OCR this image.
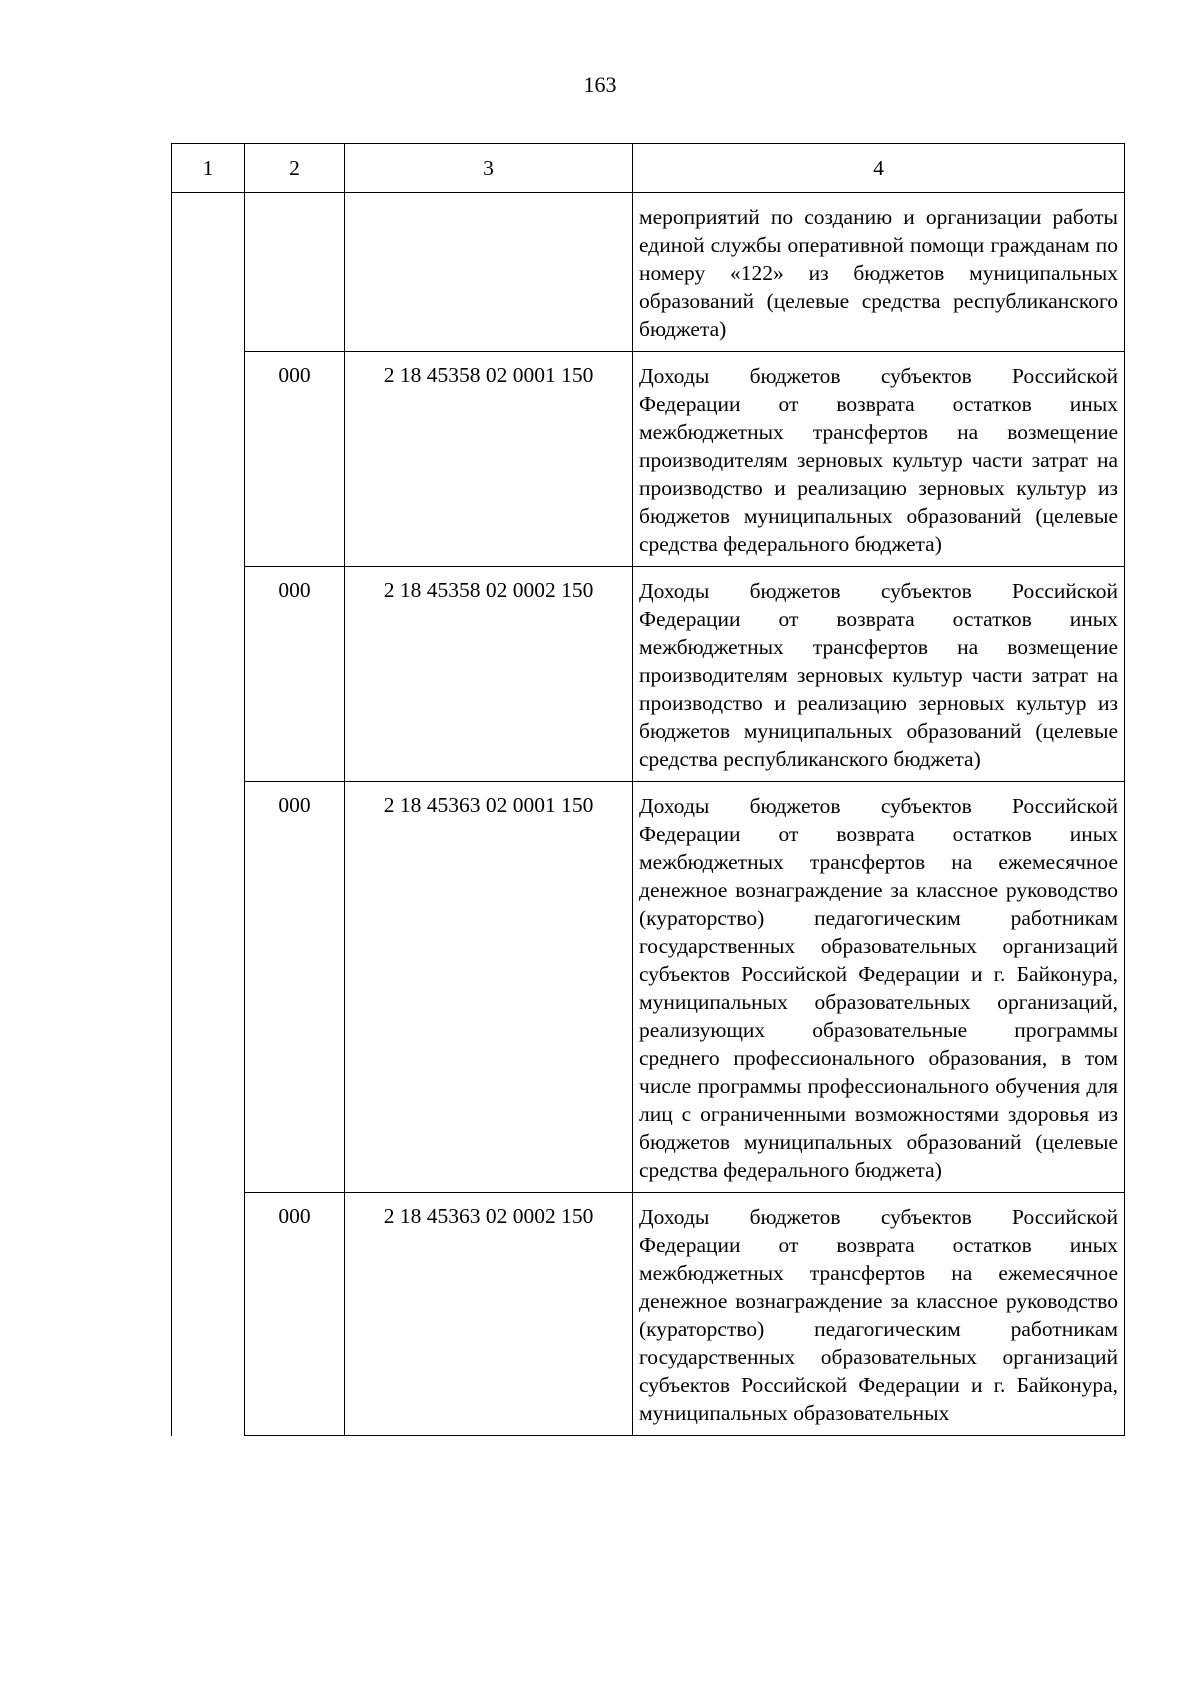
163
1	2	3	4
			мероприятий по созданию и организации работы единой службы оперативной помощи гражданам по номеру «122» из бюджетов муниципальных образований (целевые средства республиканского бюджета)
	000	2 18 45358 02 0001 150	Доходы бюджетов субъектов Российской Федерации от возврата остатков иных межбюджетных трансфертов на возмещение производителям зерновых культур части затрат на производство и реализацию зерновых культур из бюджетов муниципальных образований (целевые средства федерального бюджета)
	000	2 18 45358 02 0002 150	Доходы бюджетов субъектов Российской Федерации от возврата остатков иных межбюджетных трансфертов на возмещение производителям зерновых культур части затрат на производство и реализацию зерновых культур из бюджетов муниципальных образований (целевые средства республиканского бюджета)
	000	2 18 45363 02 0001 150	Доходы бюджетов субъектов Российской Федерации от возврата остатков иных межбюджетных трансфертов на ежемесячное денежное вознаграждение за классное руководство (кураторство) педагогическим работникам государственных образовательных организаций субъектов Российской Федерации и г. Байконура, муниципальных образовательных организаций, реализующих образовательные программы среднего профессионального образования, в том числе программы профессионального обучения для лиц с ограниченными возможностями здоровья из бюджетов муниципальных образований (целевые средства федерального бюджета)
	000	2 18 45363 02 0002 150	Доходы бюджетов субъектов Российской Федерации от возврата остатков иных межбюджетных трансфертов на ежемесячное денежное вознаграждение за классное руководство (кураторство) педагогическим работникам государственных образовательных организаций субъектов Российской Федерации и г. Байконура, муниципальных образовательных
